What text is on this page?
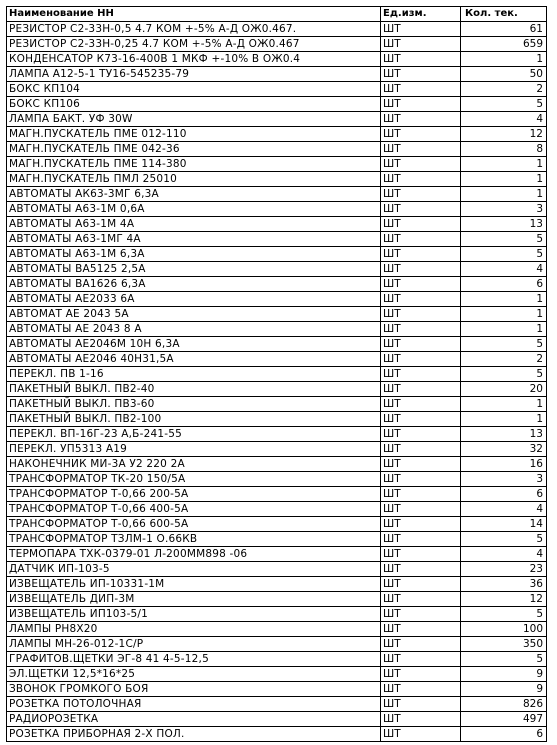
Наименование НН	Ед.изм.	Кол. тек.
РЕЗИСТОР С2-33Н-0,5 4.7 КОМ +-5% А-Д ОЖ0.467.	ШТ	61
РЕЗИСТОР С2-33Н-0,25 4.7 КОМ +-5% А-Д ОЖ0.467	ШТ	659
КОНДЕНСАТОР К73-16-400В 1 МКФ +-10% В ОЖ0.4	ШТ	1
ЛАМПА А12-5-1 ТУ16-545235-79	ШТ	50
БОКС КП104	ШТ	2
БОКС КП106	ШТ	5
ЛАМПА БАКТ. УФ 30W	ШТ	4
МАГН.ПУСКАТЕЛЬ ПМЕ 012-110	ШТ	12
МАГН.ПУСКАТЕЛЬ ПМЕ 042-36	ШТ	8
МАГН.ПУСКАТЕЛЬ ПМЕ 114-380	ШТ	1
МАГН.ПУСКАТЕЛЬ ПМЛ 25010	ШТ	1
АВТОМАТЫ АК63-3МГ 6,3А	ШТ	1
АВТОМАТЫ А63-1М 0,6А	ШТ	3
АВТОМАТЫ А63-1М 4А	ШТ	13
АВТОМАТЫ А63-1МГ 4А	ШТ	5
АВТОМАТЫ А63-1М 6,3А	ШТ	5
АВТОМАТЫ ВА5125 2,5А	ШТ	4
АВТОМАТЫ ВА1626 6,3А	ШТ	6
АВТОМАТЫ АЕ2033 6А	ШТ	1
АВТОМАТ АЕ 2043 5А	ШТ	1
АВТОМАТЫ АЕ 2043 8 А	ШТ	1
АВТОМАТЫ АЕ2046М 10Н 6,3А	ШТ	5
АВТОМАТЫ АЕ2046 40Н31,5А	ШТ	2
ПЕРЕКЛ. ПВ 1-16	ШТ	5
ПАКЕТНЫЙ ВЫКЛ. ПВ2-40	ШТ	20
ПАКЕТНЫЙ ВЫКЛ. ПВ3-60	ШТ	1
ПАКЕТНЫЙ ВЫКЛ. ПВ2-100	ШТ	1
ПЕРЕКЛ. ВП-16Г-23 А,Б-241-55	ШТ	13
ПЕРЕКЛ. УП5313 А19	ШТ	32
НАКОНЕЧНИК МИ-3А У2 220 2А	ШТ	16
ТРАНСФОРМАТОР ТК-20 150/5А	ШТ	3
ТРАНСФОРМАТОР Т-0,66 200-5А	ШТ	6
ТРАНСФОРМАТОР Т-0,66 400-5А	ШТ	4
ТРАНСФОРМАТОР Т-0,66 600-5А	ШТ	14
ТРАНСФОРМАТОР ТЗЛМ-1 О.66КВ	ШТ	5
ТЕРМОПАРА ТХК-0379-01 Л-200ММ898 -06	ШТ	4
ДАТЧИК ИП-103-5	ШТ	23
ИЗВЕЩАТЕЛЬ ИП-10331-1М	ШТ	36
ИЗВЕЩАТЕЛЬ ДИП-3М	ШТ	12
ИЗВЕЩАТЕЛЬ ИП103-5/1	ШТ	5
ЛАМПЫ РН8Х20	ШТ	100
ЛАМПЫ МН-26-012-1С/Р	ШТ	350
ГРАФИТОВ.ЩЕТКИ ЭГ-8 41 4-5-12,5	ШТ	5
ЭЛ.ЩЕТКИ 12,5*16*25	ШТ	9
ЗВОНОК ГРОМКОГО БОЯ	ШТ	9
РОЗЕТКА ПОТОЛОЧНАЯ	ШТ	826
РАДИОРОЗЕТКА	ШТ	497
РОЗЕТКА ПРИБОРНАЯ 2-Х ПОЛ.	ШТ	6
